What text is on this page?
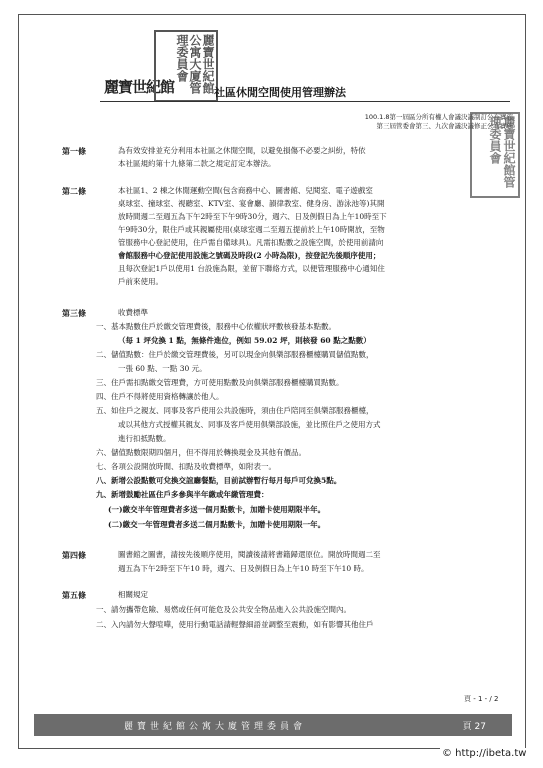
麗寶世紀館	麗寶世紀館公寓大廈管理委員會
社區休閒空間使用管理辦法
100.1.8第一屆區分所有權人會議決議制訂公布實施
第三屆管委會第三、九次會議決議修正公布實施
麗寶世紀館管理委員會
第一條	為有效安排並充分利用本社區之休閒空間，以避免損傷不必要之糾紛，特依
本社區規約第十九條第二款之規定訂定本辦法。
第二條	本社區1、2 棟之休閒運動空間(包含商務中心、圖書館、兒閱室、電子遊戲室
桌球室、撞球室、視聽室、KTV室、宴會廳、韻律教室、健身房、游泳池等)其開
放時間週二至週五為下午2時至下午9時30分，週六、日及例假日為上午10時至下
午9時30分，限住戶或其親屬使用(桌球室週二至週五提前於上午10時開放，至物
管服務中心登記使用，住戶需自備球具)。凡需扣點數之設施空間，於使用前請向
會館服務中心登記使用設施之號碼及時段(2 小時為限)，按登記先後順序使用；
且每次登記1戶以使用1 台設施為限，並留下聯絡方式，以便管理服務中心通知住
戶前來使用。
第三條	收費標準
一、基本點數住戶於繳交管理費後，服務中心依權狀坪數核發基本點數。
（每 1 坪兌換 1 點，無條件進位，例如 59.02 坪，則核發 60 點之點數）
二、儲值點數：住戶於繳交管理費後，另可以現金向俱樂部服務櫃檯購買儲值點數，
一張 60 點、一點 30 元。
三、住戶需扣點繳交管理費，方可使用點數及向俱樂部服務櫃檯購買點數。
四、住戶不得將使用資格轉讓於他人。
五、如住戶之親友、同事及客戶使用公共設施時，須由住戶陪同至俱樂部服務櫃檯，
或以其他方式授權其親友、同事及客戶使用俱樂部設施，並比照住戶之使用方式
進行扣抵點數。
六、儲值點數限期四個月，但不得用於轉換現金及其他有價品。
七、各項公設開放時間、扣點及收費標準，如附表一。
八、新增公設點數可兌換交誼廳餐點，目前試辦暫行每月每戶可兌換5點。
九、新增鼓勵社區住戶多參與半年繳或年繳管理費：
(一)繳交半年管理費者多送一個月點數卡，加贈卡使用期限半年。
(二)繳交一年管理費者多送二個月點數卡，加贈卡使用期限一年。
第四條	圖書館之圖書，請按先後順序使用，閱讀後請將書籍歸還原位。開放時間週二至
週五為下午2時至下午10 時，週六、日及例假日為上午10 時至下午10 時。
第五條	相關規定
一、請勿攜帶危險、易燃或任何可能危及公共安全物品進入公共設施空間內。
二、入內請勿大聲喧嘩，使用行動電話請輕聲細語並調整至震動，如有影響其他住戶
頁 - 1 - / 2
麗寶世紀館公寓大廈管理委員會	頁 27
© http://ibeta.tw
